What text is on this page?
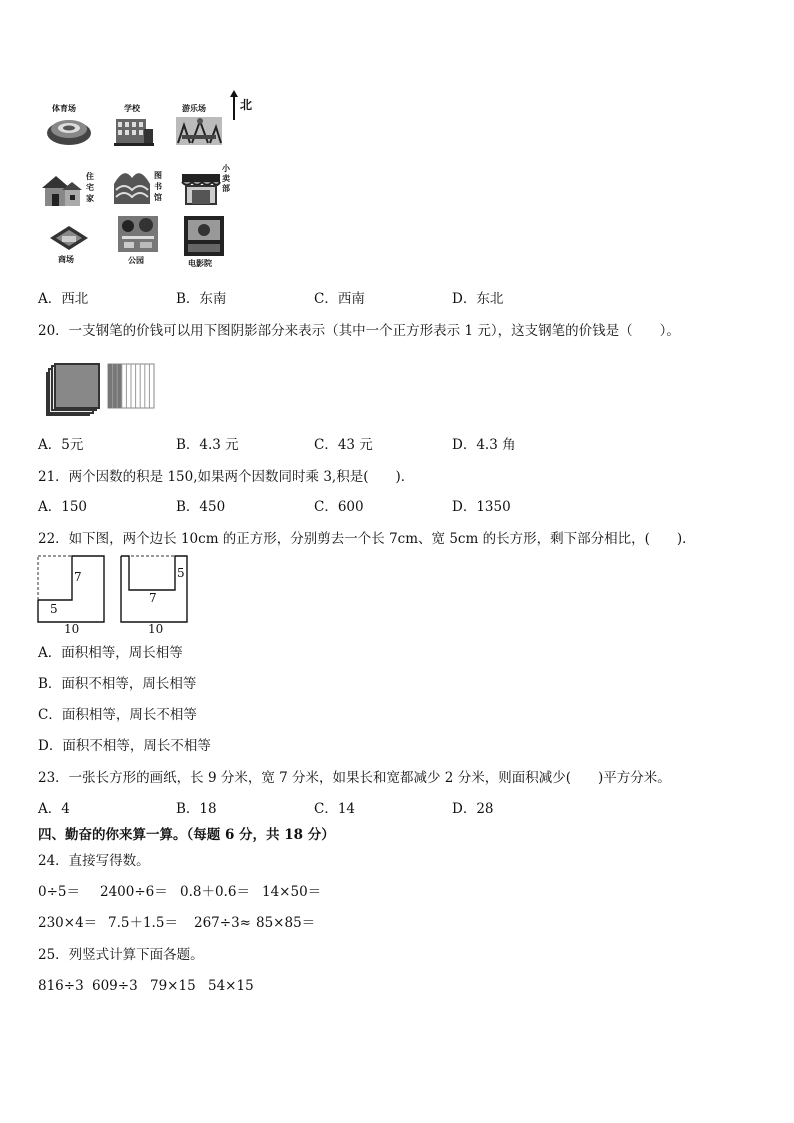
北
体育场	学校	游乐场
住
宅
家
图
书
馆
小
卖
部
商场	公园	电影院
A．西北	B．东南	C．西南	D．东北
20．一支钢笔的价钱可以用下图阴影部分来表示（其中一个正方形表示 1 元），这支钢笔的价钱是（　　）。
A．5元	B．4.3 元	C．43 元	D．4.3 角
21．两个因数的积是 150,如果两个因数同时乘 3,积是(　　)．
A．150	B．450	C．600	D．1350
22．如下图，两个边长 10cm 的正方形，分别剪去一个长 7cm、宽 5cm 的长方形，剩下部分相比，(　　)．
7
5
10
7
5
10
A．面积相等，周长相等
B．面积不相等，周长相等
C．面积相等，周长不相等
D．面积不相等，周长不相等
23．一张长方形的画纸，长 9 分米，宽 7 分米，如果长和宽都减少 2 分米，则面积减少(　　)平方分米。
A．4	B．18	C．14	D．28
四、勤奋的你来算一算。（每题 6 分，共 18 分）
24．直接写得数。
0÷5＝ 2400÷6＝ 0.8＋0.6＝ 14×50＝
230×4＝ 7.5＋1.5＝ 267÷3≈ 85×85＝
25．列竖式计算下面各题。
816÷3 609÷3 79×15 54×15
